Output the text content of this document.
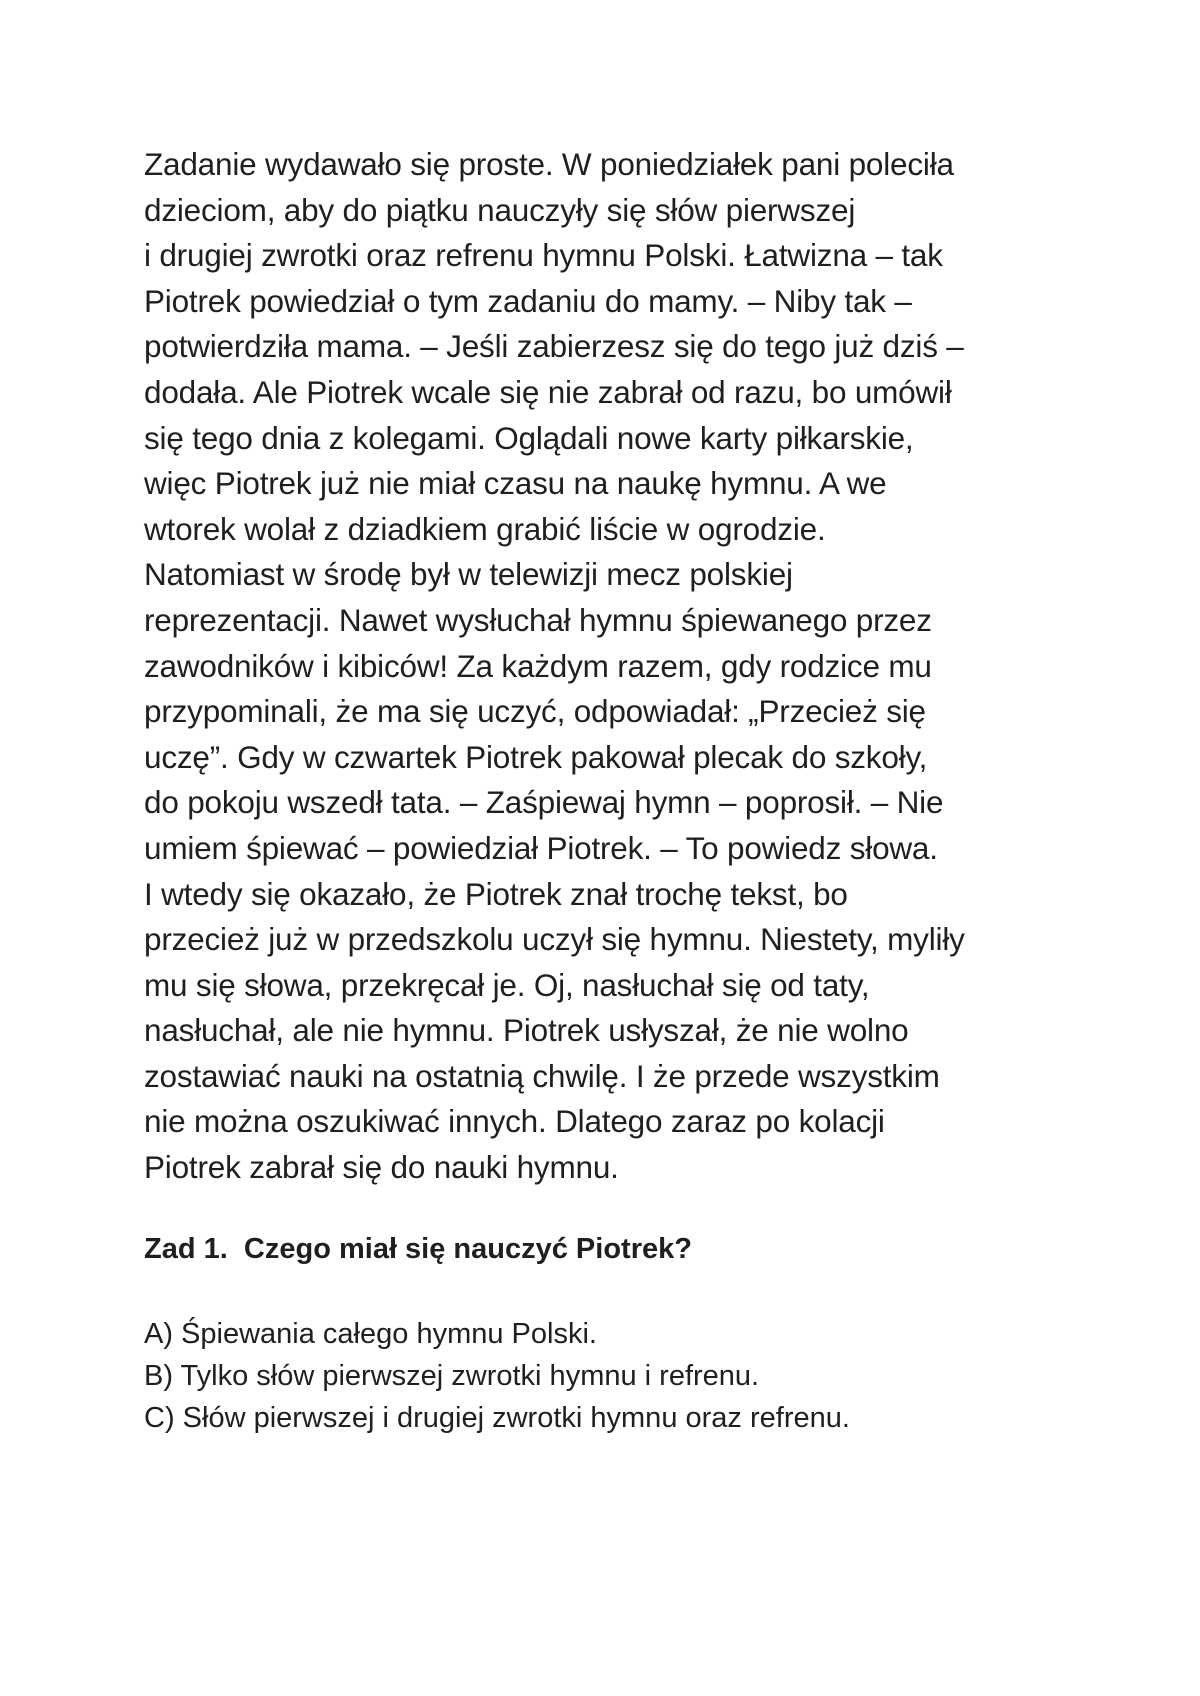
Zadanie wydawało się proste. W poniedziałek pani poleciła
dzieciom, aby do piątku nauczyły się słów pierwszej
i drugiej zwrotki oraz refrenu hymnu Polski. Łatwizna – tak
Piotrek powiedział o tym zadaniu do mamy. – Niby tak –
potwierdziła mama. – Jeśli zabierzesz się do tego już dziś –
dodała. Ale Piotrek wcale się nie zabrał od razu, bo umówił
się tego dnia z kolegami. Oglądali nowe karty piłkarskie,
więc Piotrek już nie miał czasu na naukę hymnu. A we
wtorek wolał z dziadkiem grabić liście w ogrodzie.
Natomiast w środę był w telewizji mecz polskiej
reprezentacji. Nawet wysłuchał hymnu śpiewanego przez
zawodników i kibiców! Za każdym razem, gdy rodzice mu
przypominali, że ma się uczyć, odpowiadał: „Przecież się
uczę”. Gdy w czwartek Piotrek pakował plecak do szkoły,
do pokoju wszedł tata. – Zaśpiewaj hymn – poprosił. – Nie
umiem śpiewać – powiedział Piotrek. – To powiedz słowa.
I wtedy się okazało, że Piotrek znał trochę tekst, bo
przecież już w przedszkolu uczył się hymnu. Niestety, myliły
mu się słowa, przekręcał je. Oj, nasłuchał się od taty,
nasłuchał, ale nie hymnu. Piotrek usłyszał, że nie wolno
zostawiać nauki na ostatnią chwilę. I że przede wszystkim
nie można oszukiwać innych. Dlatego zaraz po kolacji
Piotrek zabrał się do nauki hymnu.

Zad 1.  Czego miał się nauczyć Piotrek?

A) Śpiewania całego hymnu Polski.
B) Tylko słów pierwszej zwrotki hymnu i refrenu.
C) Słów pierwszej i drugiej zwrotki hymnu oraz refrenu.
